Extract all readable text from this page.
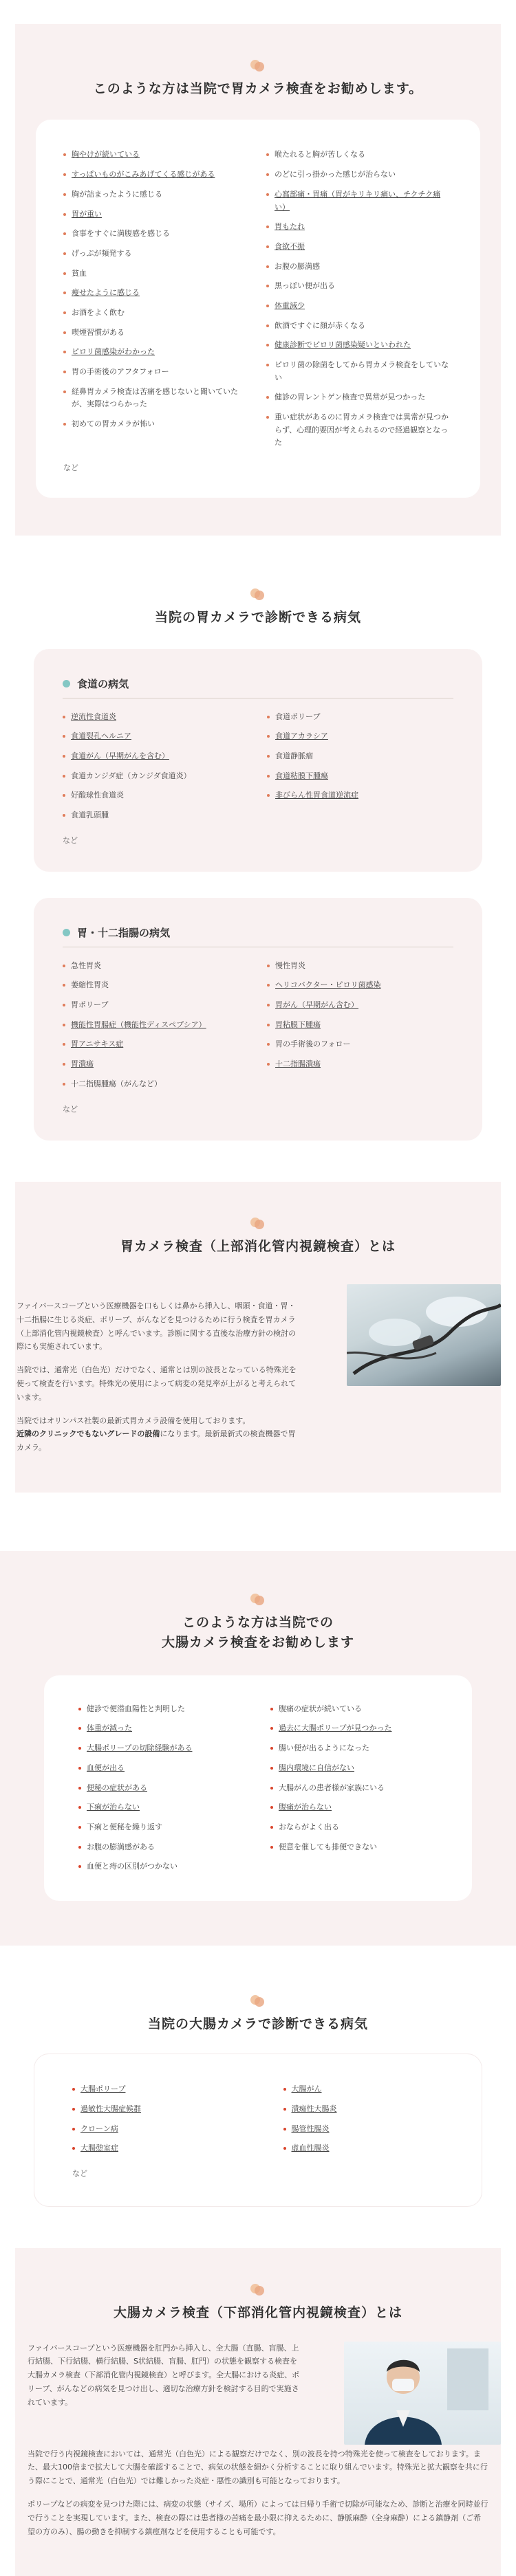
このような方は当院で胃カメラ検査をお勧めします。
胸やけが続いている
すっぱいものがこみあげてくる感じがある
胸が詰まったように感じる
胃が重い
食事をすぐに満腹感を感じる
げっぷが頻発する
貧血
痩せたように感じる
お酒をよく飲む
喫煙習慣がある
ピロリ菌感染がわかった
胃の手術後のアフタフォロー
経鼻胃カメラ検査は苦痛を感じないと聞いていたが、実際はつらかった
初めての胃カメラが怖い
喉たれると胸が苦しくなる
のどに引っ掛かった感じが治らない
心窩部痛・胃痛（胃がキリキリ痛い、チクチク痛い）
胃もたれ
食欲不振
お腹の膨満感
黒っぽい便が出る
体重減少
飲酒ですぐに顔が赤くなる
健康診断でピロリ菌感染疑いといわれた
ピロリ菌の除菌をしてから胃カメラ検査をしていない
健診の胃レントゲン検査で異常が見つかった
重い症状があるのに胃カメラ検査では異常が見つからず、心理的要因が考えられるので経過観察となった
など
当院の胃カメラで診断できる病気
食道の病気
逆流性食道炎
食道裂孔ヘルニア
食道がん（早期がんを含む）
食道カンジダ症（カンジダ食道炎）
好酸球性食道炎
食道乳頭腫
食道ポリープ
食道アカラシア
食道静脈瘤
食道粘膜下腫瘍
非びらん性胃食道逆流症
など
胃・十二指腸の病気
急性胃炎
萎縮性胃炎
胃ポリープ
機能性胃腸症（機能性ディスペプシア）
胃アニサキス症
胃潰瘍
十二指腸腫瘍（がんなど）
慢性胃炎
ヘリコバクター・ピロリ菌感染
胃がん（早期がん含む）
胃粘膜下腫瘍
胃の手術後のフォロー
十二指腸潰瘍
など
胃カメラ検査（上部消化管内視鏡検査）とは

ファイバースコープという医療機器を口もしくは鼻から挿入し、咽頭・食道・胃・十二指腸に生じる炎症、ポリープ、がんなどを見つけるために行う検査を胃カメラ（上部消化管内視鏡検査）と呼んでいます。診断に関する直後な治療方針の検討の際にも実施されています。

当院では、通常光（白色光）だけでなく、通常とは別の波長となっている特殊光を使って検査を行います。特殊光の使用によって病変の発見率が上がると考えられています。

当院ではオリンパス社製の最新式胃カメラ設備を使用しております。
近隣のクリニックでもないグレードの設備になります。最新最新式の検査機器で胃カメラ。

このような方は当院での
大腸カメラ検査をお勧めします
健診で便潜血陽性と判明した
体重が減った
大腸ポリープの切除経験がある
血便が出る
便秘の症状がある
下痢が治らない
下痢と便秘を繰り返す
お腹の膨満感がある
血便と痔の区別がつかない
腹痛の症状が続いている
過去に大腸ポリープが見つかった
腸い便が出るようになった
腸内環境に自信がない
大腸がんの患者様が家族にいる
腹痛が治らない
おならがよく出る
便意を催しても排便できない
当院の大腸カメラで診断できる病気
大腸ポリープ
過敏性大腸症候群
クローン病
大腸憩室症
大腸がん
潰瘍性大腸炎
腸管性腸炎
虚血性腸炎
など
大腸カメラ検査（下部消化管内視鏡検査）とは

ファイバースコープという医療機器を肛門から挿入し、全大腸（直腸、盲腸、上行結腸、下行結腸、横行結腸、S状結腸、盲腸、肛門）の状態を観察する検査を大腸カメラ検査（下部消化管内視鏡検査）と呼びます。全大腸における炎症、ポリープ、がんなどの病気を見つけ出し、適切な治療方針を検討する目的で実施されています。

当院で行う内視鏡検査においては、通常光（白色光）による観察だけでなく、別の波長を持つ特殊光を使って検査をしております。また、最大100倍まで拡大して大腸を確認することで、病気の状態を細かく分析することに取り組んでいます。特殊光と拡大観察を共に行う際にことで、通常光（白色光）では難しかった炎症・悪性の識別も可能となっております。

ポリープなどの病変を見つけた際には、病変の状態（サイズ、場所）によっては日帰り手術で切除が可能なため、診断と治療を同時並行で行うことを実現しています。また、検査の際には患者様の苦痛を最小限に抑えるために、静脈麻酔（全身麻酔）による鎮静剤（ご希望の方のみ）、腸の動きを抑制する鎮痙剤などを使用することも可能です。
